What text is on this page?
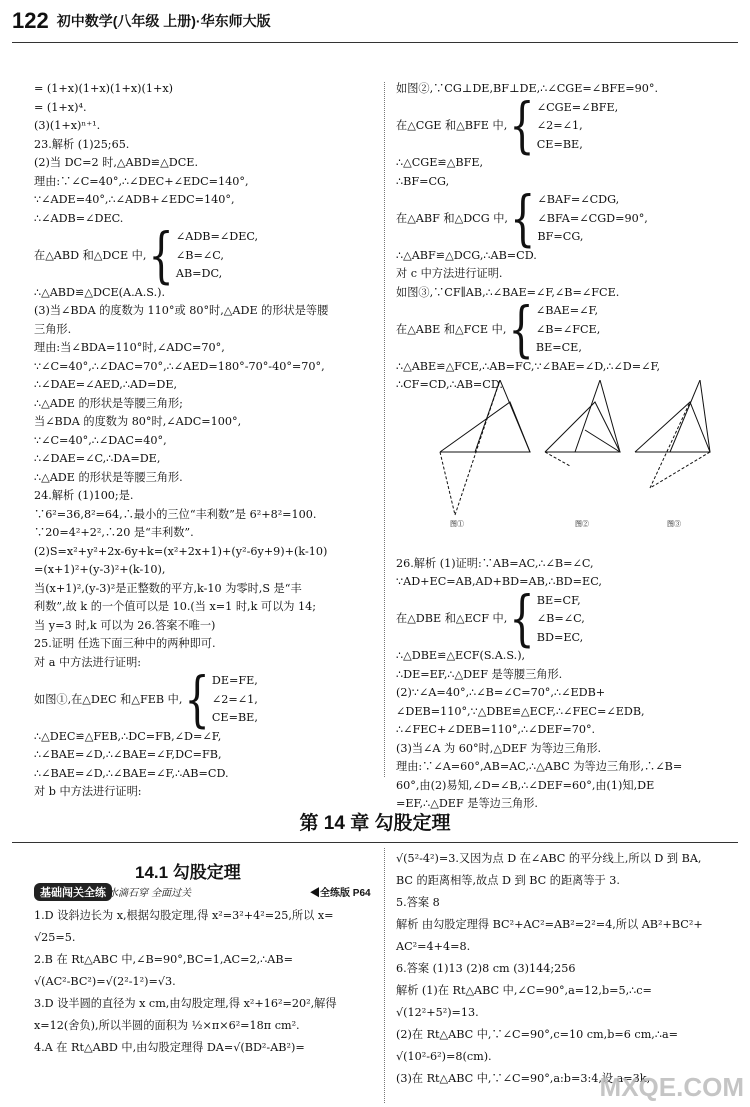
122 初中数学(八年级 上册)·华东师大版
= (1+x)(1+x)(1+x)(1+x)
= (1+x)⁴.
(3)(1+x)ⁿ⁺¹.
23.解析 (1)25;65.
(2)当 DC=2 时,△ABD≌△DCE.
理由:∵∠C=40°,∴∠DEC+∠EDC=140°,
∵∠ADE=40°,∴∠ADB+∠EDC=140°,
∴∠ADB=∠DEC.
在△ABD 和△DCE 中, { ∠ADB=∠DEC,
∠B=∠C,
AB=DC,
∴△ABD≌△DCE(A.A.S.).
(3)当∠BDA 的度数为 110°或 80°时,△ADE 的形状是等腰
三角形.
理由:当∠BDA=110°时,∠ADC=70°,
∵∠C=40°,∴∠DAC=70°,∴∠AED=180°-70°-40°=70°,
∴∠DAE=∠AED,∴AD=DE,
∴△ADE 的形状是等腰三角形;
当∠BDA 的度数为 80°时,∠ADC=100°,
∵∠C=40°,∴∠DAC=40°,
∴∠DAE=∠C,∴DA=DE,
∴△ADE 的形状是等腰三角形.
24.解析 (1)100;是.
∵6²=36,8²=64,∴最小的三位“丰利数”是 6²+8²=100.
∵20=4²+2²,∴20 是“丰利数”.
(2)S=x²+y²+2x-6y+k=(x²+2x+1)+(y²-6y+9)+(k-10)
=(x+1)²+(y-3)²+(k-10),
当(x+1)²,(y-3)²是正整数的平方,k-10 为零时,S 是“丰
利数”,故 k 的一个值可以是 10.(当 x=1 时,k 可以为 14;
当 y=3 时,k 可以为 26.答案不唯一)
25.证明 任选下面三种中的两种即可.
对 a 中方法进行证明:
如图①,在△DEC 和△FEB 中, { DE=FE,
∠2=∠1,
CE=BE,
∴△DEC≌△FEB,∴DC=FB,∠D=∠F,
∴∠BAE=∠D,∴∠BAE=∠F,DC=FB,
∴∠BAE=∠D,∴∠BAE=∠F,∴AB=CD.
对 b 中方法进行证明:
如图②,∵CG⊥DE,BF⊥DE,∴∠CGE=∠BFE=90°.
在△CGE 和△BFE 中, { ∠CGE=∠BFE,
∠2=∠1,
CE=BE,
∴△CGE≌△BFE,
∴BF=CG,
在△ABF 和△DCG 中, { ∠BAF=∠CDG,
∠BFA=∠CGD=90°,
BF=CG,
∴△ABF≌△DCG,∴AB=CD.
对 c 中方法进行证明.
如图③,∵CF∥AB,∴∠BAE=∠F,∠B=∠FCE.
在△ABE 和△FCE 中, { ∠BAE=∠F,
∠B=∠FCE,
BE=CE,
∴△ABE≌△FCE,∴AB=FC,∵∠BAE=∠D,∴∠D=∠F,
∴CF=CD,∴AB=CD.
26.解析 (1)证明:∵AB=AC,∴∠B=∠C,
∵AD+EC=AB,AD+BD=AB,∴BD=EC,
在△DBE 和△ECF 中, { BE=CF,
∠B=∠C,
BD=EC,
∴△DBE≌△ECF(S.A.S.),
∴DE=EF,∴△DEF 是等腰三角形.
(2)∵∠A=40°,∴∠B=∠C=70°,∴∠EDB+
∠DEB=110°,∵△DBE≌△ECF,∴∠FEC=∠EDB,
∴∠FEC+∠DEB=110°,∴∠DEF=70°.
(3)当∠A 为 60°时,△DEF 为等边三角形.
理由:∵∠A=60°,AB=AC,∴△ABC 为等边三角形,∴∠B=
60°,由(2)易知,∠D=∠B,∴∠DEF=60°,由(1)知,DE
=EF,∴△DEF 是等边三角形.
图①	图②	图③
第 14 章 勾股定理
14.1 勾股定理
基础闯关全练 水滴石穿 全面过关	◀全练版 P64
1.D 设斜边长为 x,根据勾股定理,得 x²=3²+4²=25,所以 x=
√25=5.
2.B 在 Rt△ABC 中,∠B=90°,BC=1,AC=2,∴AB=
√(AC²-BC²)=√(2²-1²)=√3.
3.D 设半圆的直径为 x cm,由勾股定理,得 x²+16²=20²,解得
x=12(舍负),所以半圆的面积为 ½×π×6²=18π cm².
4.A 在 Rt△ABD 中,由勾股定理得 DA=√(BD²-AB²)=
√(5²-4²)=3.又因为点 D 在∠ABC 的平分线上,所以 D 到 BA,
BC 的距离相等,故点 D 到 BC 的距离等于 3.
5.答案 8
解析 由勾股定理得 BC²+AC²=AB²=2²=4,所以 AB²+BC²+
AC²=4+4=8.
6.答案 (1)13 (2)8 cm (3)144;256
解析 (1)在 Rt△ABC 中,∠C=90°,a=12,b=5,∴c=
√(12²+5²)=13.
(2)在 Rt△ABC 中,∵∠C=90°,c=10 cm,b=6 cm,∴a=
√(10²-6²)=8(cm).
(3)在 Rt△ABC 中,∵∠C=90°,a:b=3:4,设 a=3k,
MXQE.COM
